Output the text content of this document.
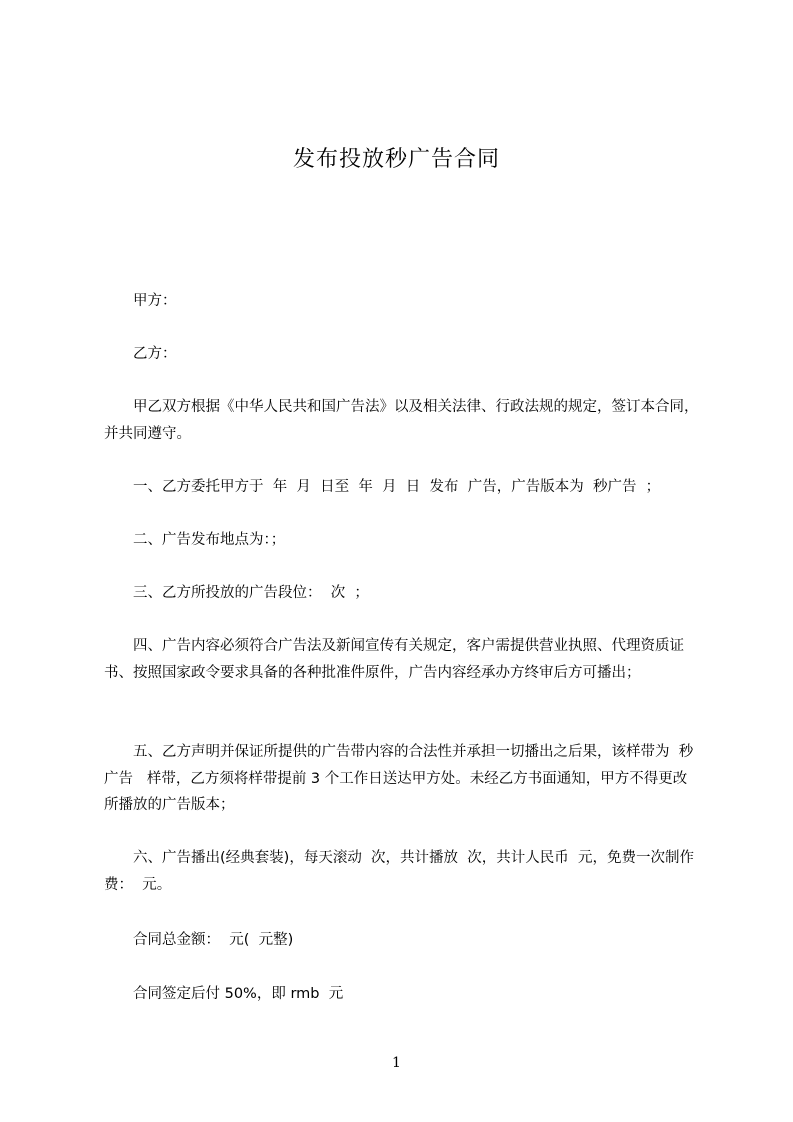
发布投放秒广告合同
　　甲方：
　　乙方：
　　甲乙双方根据《中华人民共和国广告法》以及相关法律、行政法规的规定，签订本合同，并共同遵守。
　　一、乙方委托甲方于  年  月  日至  年  月  日  发布  广告，广告版本为  秒广告  ；
　　二、广告发布地点为：；
　　三、乙方所投放的广告段位：  次  ；
　　四、广告内容必须符合广告法及新闻宣传有关规定，客户需提供营业执照、代理资质证书、按照国家政令要求具备的各种批准件原件，广告内容经承办方终审后方可播出；
　　五、乙方声明并保证所提供的广告带内容的合法性并承担一切播出之后果，该样带为  秒广告   样带，乙方须将样带提前 3 个工作日送达甲方处。未经乙方书面通知，甲方不得更改所播放的广告版本；
　　六、广告播出(经典套装)，每天滚动  次，共计播放  次，共计人民币  元，免费一次制作费：  元。
　　合同总金额：  元(  元整)
　　合同签定后付 50%，即 rmb  元
1
